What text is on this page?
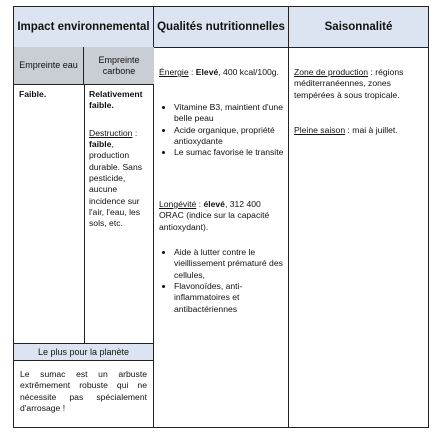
Impact environnemental
Empreinte eau
Empreinte carbone
Faible.	Relativement faible.
Destruction :
faible, production durable. Sans pesticide, aucune incidence sur l'air, l'eau, les sols, etc.
Le plus pour la planète
Le sumac est un arbuste extrêmement robuste qui ne nécessite pas spécialement d'arrosage !
Qualités nutritionnelles
Énergie : Elevé, 400 kcal/100g.
• Vitamine B3, maintient d'une belle peau
• Acide organique, propriété antioxydante
• Le sumac favorise le transite
Longévité : élevé, 312 400 ORAC (indice sur la capacité antioxydant).
• Aide à lutter contre le vieillissement prématuré des cellules,
• Flavonoïdes, anti-inflammatoires et antibactériennes
Saisonnalité
Zone de production : régions méditerranéennes, zones tempérées à sous tropicale.
Pleine saison : mai à juillet.
